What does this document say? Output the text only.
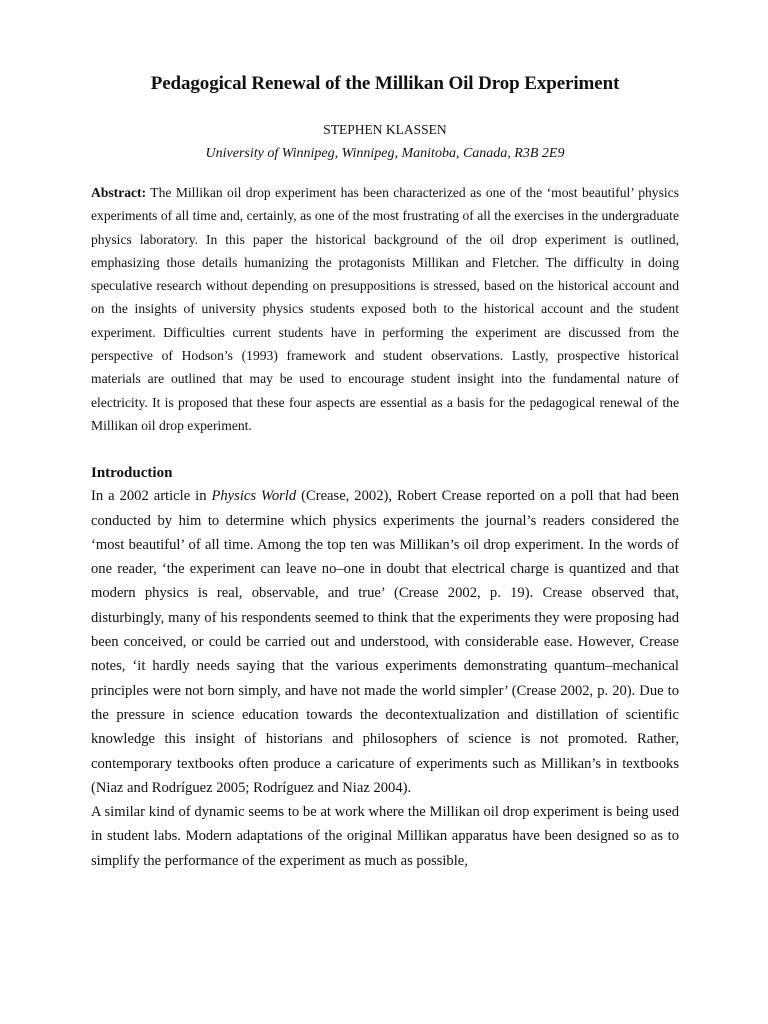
Pedagogical Renewal of the Millikan Oil Drop Experiment
STEPHEN KLASSEN
University of Winnipeg, Winnipeg, Manitoba, Canada, R3B 2E9
Abstract: The Millikan oil drop experiment has been characterized as one of the ‘most beautiful’ physics experiments of all time and, certainly, as one of the most frustrating of all the exercises in the undergraduate physics laboratory. In this paper the historical background of the oil drop experiment is outlined, emphasizing those details humanizing the protagonists Millikan and Fletcher. The difficulty in doing speculative research without depending on presuppositions is stressed, based on the historical account and on the insights of university physics students exposed both to the historical account and the student experiment. Difficulties current students have in performing the experiment are discussed from the perspective of Hodson’s (1993) framework and student observations. Lastly, prospective historical materials are outlined that may be used to encourage student insight into the fundamental nature of electricity. It is proposed that these four aspects are essential as a basis for the pedagogical renewal of the Millikan oil drop experiment.
Introduction

In a 2002 article in Physics World (Crease, 2002), Robert Crease reported on a poll that had been conducted by him to determine which physics experiments the journal’s readers considered the ‘most beautiful’ of all time. Among the top ten was Millikan’s oil drop experiment. In the words of one reader, ‘the experiment can leave no–one in doubt that electrical charge is quantized and that modern physics is real, observable, and true’ (Crease 2002, p. 19). Crease observed that, disturbingly, many of his respondents seemed to think that the experiments they were proposing had been conceived, or could be carried out and understood, with considerable ease. However, Crease notes, ‘it hardly needs saying that the various experiments demonstrating quantum–mechanical principles were not born simply, and have not made the world simpler’ (Crease 2002, p. 20). Due to the pressure in science education towards the decontextualization and distillation of scientific knowledge this insight of historians and philosophers of science is not promoted. Rather, contemporary textbooks often produce a caricature of experiments such as Millikan’s in textbooks (Niaz and Rodríguez 2005; Rodríguez and Niaz 2004).

A similar kind of dynamic seems to be at work where the Millikan oil drop experiment is being used in student labs. Modern adaptations of the original Millikan apparatus have been designed so as to simplify the performance of the experiment as much as possible,
